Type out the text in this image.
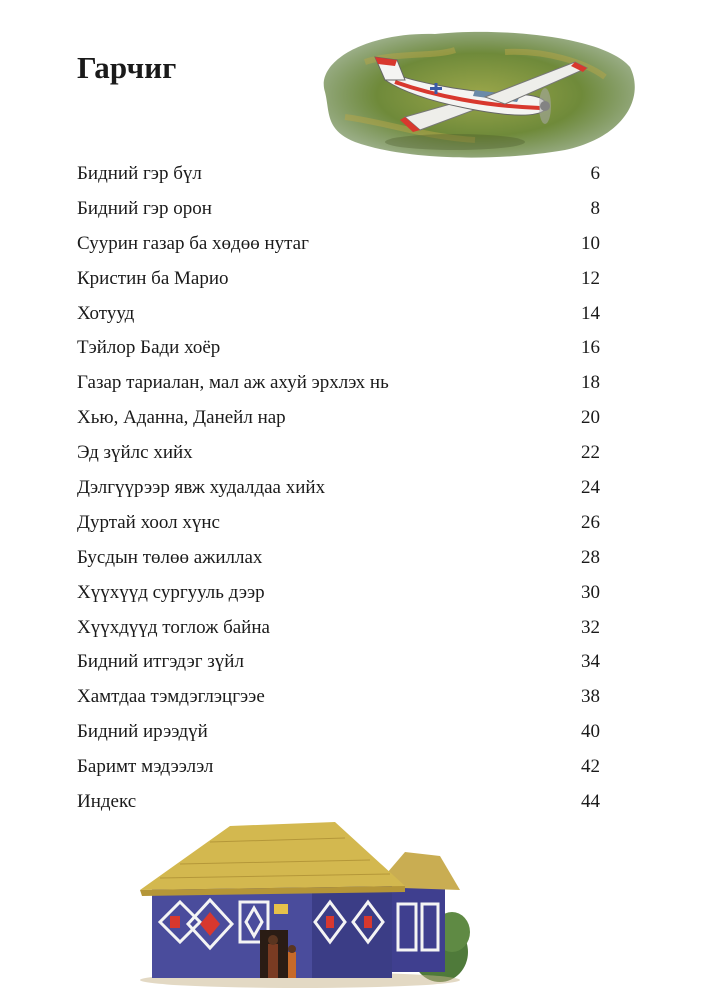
Гарчиг
Бидний гэр бүл	6
Бидний гэр орон	8
Суурин газар ба хөдөө нутаг	10
Кристин ба Марио	12
Хотууд	14
Тэйлор Бади хоёр	16
Газар тариалан, мал аж ахуй эрхлэх нь	18
Хью, Аданна, Данейл нар	20
Эд зүйлс хийх	22
Дэлгүүрээр явж худалдаа хийх	24
Дуртай хоол хүнс	26
Бусдын төлөө ажиллах	28
Хүүхүүд сургууль дээр	30
Хүүхдүүд тоглож байна	32
Бидний итгэдэг зүйл	34
Хамтдаа тэмдэглэцгээе	38
Бидний ирээдүй	40
Баримт мэдээлэл	42
Индекс	44
